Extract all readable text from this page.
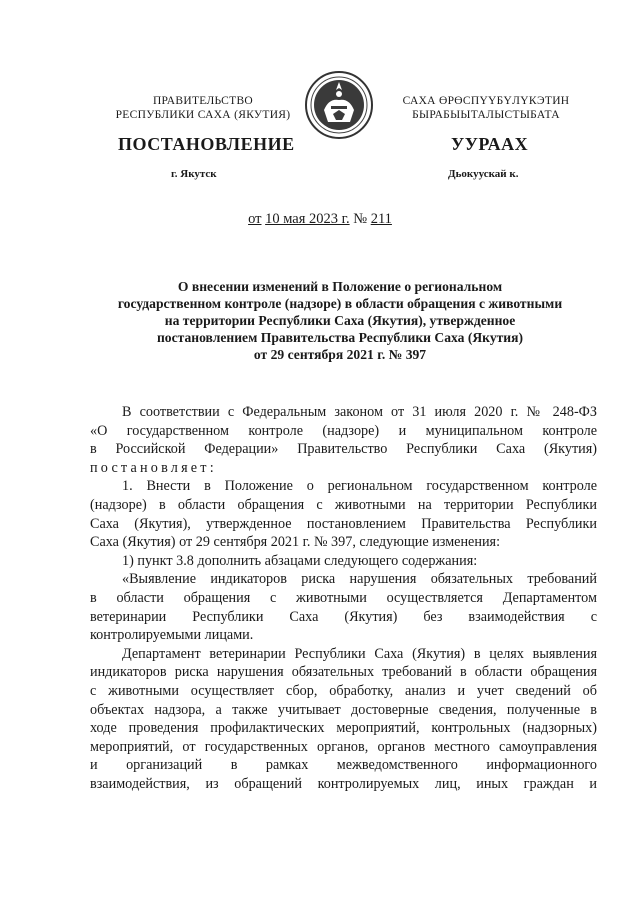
ПРАВИТЕЛЬСТВО
РЕСПУБЛИКИ САХА (ЯКУТИЯ)
САХА ӨРӨСПҮҮБҮЛҮКЭТИН
БЫРАБЫЫТАЛЫСТЫБАТА
ПОСТАНОВЛЕНИЕ	УУРААХ
г. Якутск	Дьокуускай к.
от 10 мая 2023 г. № 211
О внесении изменений в Положение о региональном
государственном контроле (надзоре) в области обращения с животными
на территории Республики Саха (Якутия), утвержденное
постановлением Правительства Республики Саха (Якутия)
от 29 сентября 2021 г. № 397
В соответствии с Федеральным законом от 31 июля 2020 г. № 248-ФЗ
«О государственном контроле (надзоре) и муниципальном контроле
в Российской Федерации» Правительство Республики Саха (Якутия)
постановляет:
1. Внести в Положение о региональном государственном контроле
(надзоре) в области обращения с животными на территории Республики
Саха (Якутия), утвержденное постановлением Правительства Республики
Саха (Якутия) от 29 сентября 2021 г. № 397, следующие изменения:
1) пункт 3.8 дополнить абзацами следующего содержания:
«Выявление индикаторов риска нарушения обязательных требований
в области обращения с животными осуществляется Департаментом
ветеринарии Республики Саха (Якутия) без взаимодействия с
контролируемыми лицами.
Департамент ветеринарии Республики Саха (Якутия) в целях выявления
индикаторов риска нарушения обязательных требований в области обращения
с животными осуществляет сбор, обработку, анализ и учет сведений об
объектах надзора, а также учитывает достоверные сведения, полученные в
ходе проведения профилактических мероприятий, контрольных (надзорных)
мероприятий, от государственных органов, органов местного самоуправления
и организаций в рамках межведомственного информационного
взаимодействия, из обращений контролируемых лиц, иных граждан и
